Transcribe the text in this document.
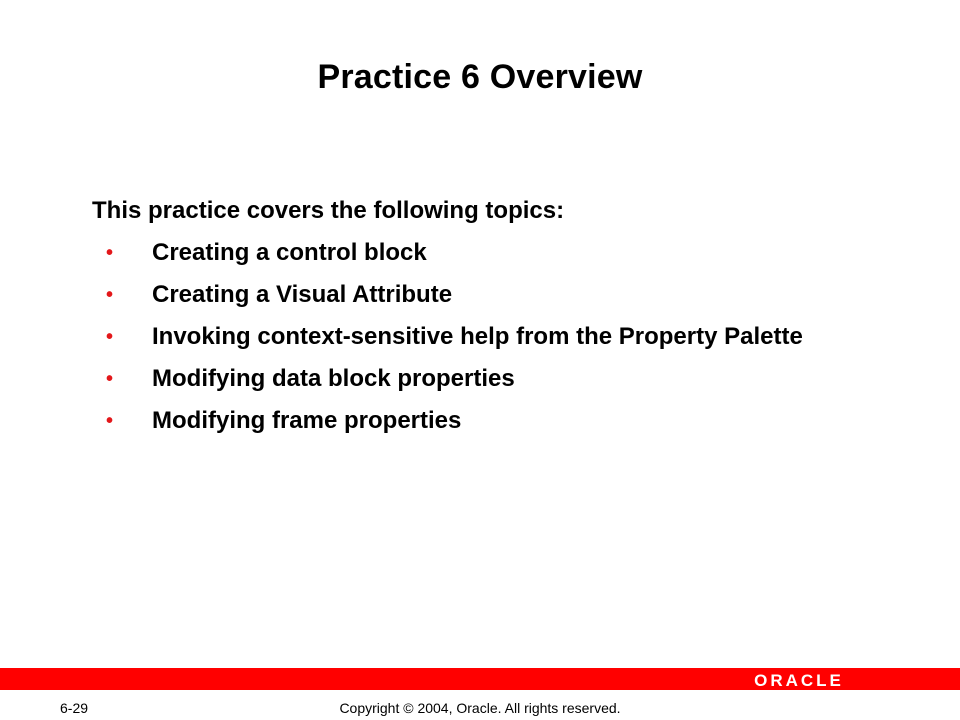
Practice 6 Overview

This practice covers the following topics:

• Creating a control block
• Creating a Visual Attribute
• Invoking context-sensitive help from the Property Palette
• Modifying data block properties
• Modifying frame properties
ORACLE
6-29	Copyright © 2004, Oracle. All rights reserved.
